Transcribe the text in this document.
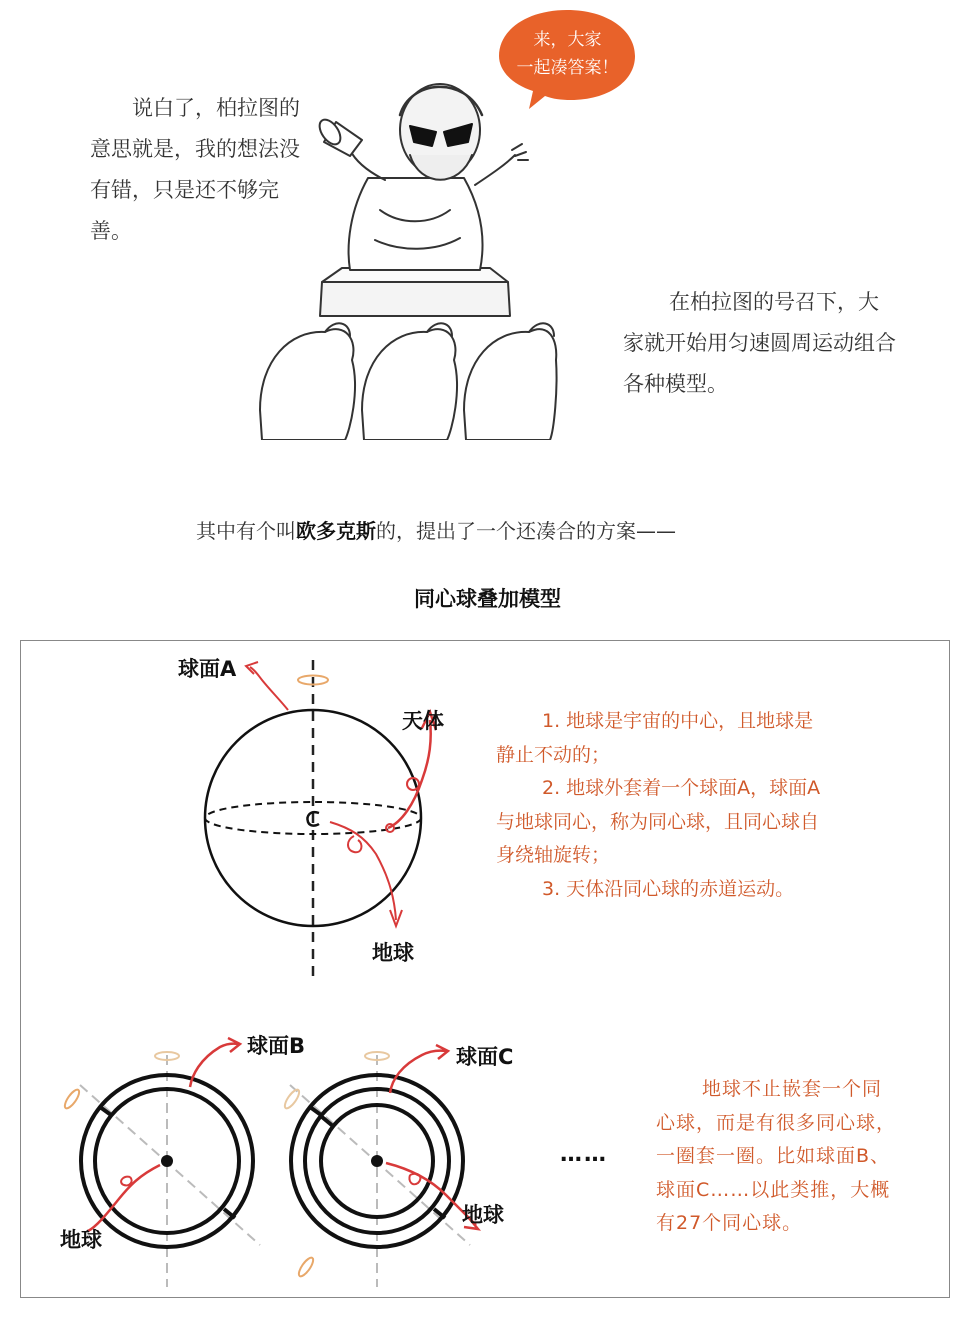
说白了，柏拉图的意思就是，我的想法没有错，只是还不够完善。
来，大家
一起凑答案！
在柏拉图的号召下，大家就开始用匀速圆周运动组合各种模型。
其中有个叫欧多克斯的，提出了一个还凑合的方案——
同心球叠加模型
球面A
天体
地球
1. 地球是宇宙的中心，且地球是静止不动的；
2. 地球外套着一个球面A，球面A与地球同心，称为同心球，且同心球自身绕轴旋转；
3. 天体沿同心球的赤道运动。
球面B	球面C
地球
地球
……
地球不止嵌套一个同心球，而是有很多同心球，一圈套一圈。比如球面B、球面C……以此类推，大概有27个同心球。
